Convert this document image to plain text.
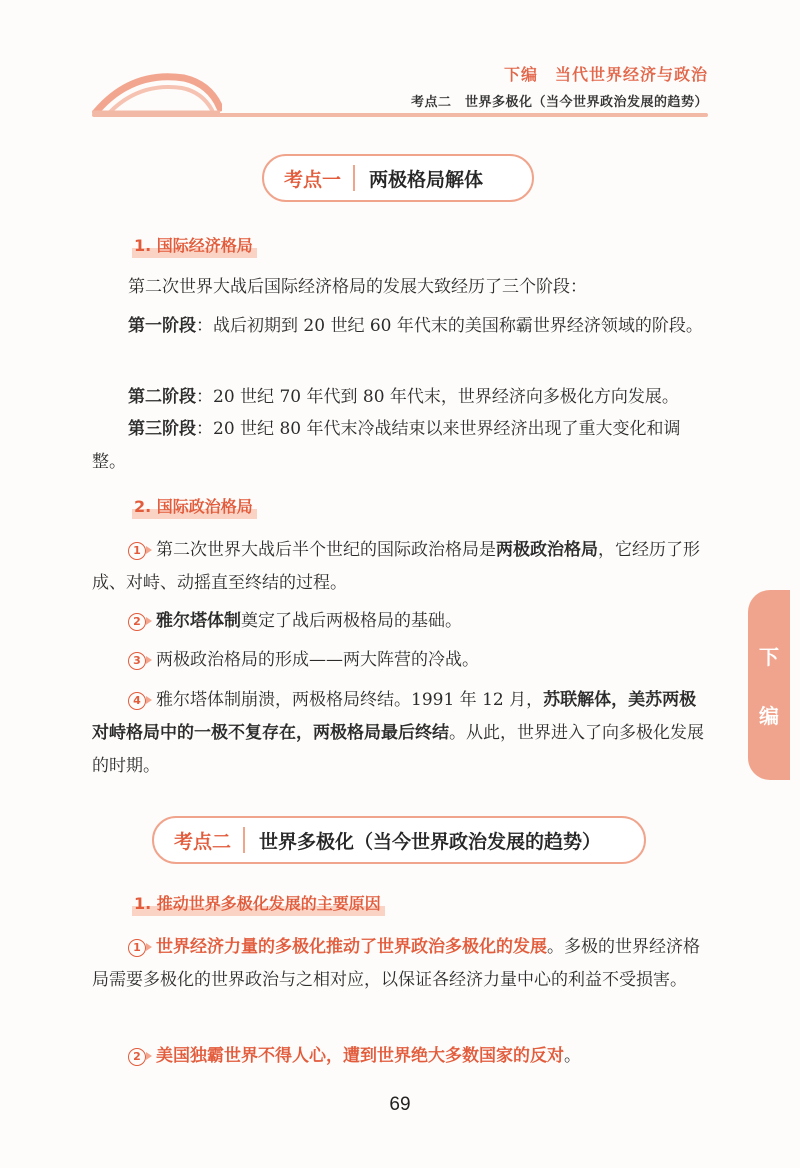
下编　当代世界经济与政治
考点二　世界多极化（当今世界政治发展的趋势）
考点一	两极格局解体
1. 国际经济格局

第二次世界大战后国际经济格局的发展大致经历了三个阶段：

第一阶段：战后初期到 20 世纪 60 年代末的美国称霸世界经济领域的阶段。

第二阶段：20 世纪 70 年代到 80 年代末，世界经济向多极化方向发展。

第三阶段：20 世纪 80 年代末冷战结束以来世界经济出现了重大变化和调整。

2. 国际政治格局

1 第二次世界大战后半个世纪的国际政治格局是两极政治格局，它经历了形成、对峙、动摇直至终结的过程。

2 雅尔塔体制奠定了战后两极格局的基础。

3 两极政治格局的形成——两大阵营的冷战。

4 雅尔塔体制崩溃，两极格局终结。1991 年 12 月，苏联解体，美苏两极对峙格局中的一极不复存在，两极格局最后终结。从此，世界进入了向多极化发展的时期。

考点二	世界多极化（当今世界政治发展的趋势）
1. 推动世界多极化发展的主要原因

1 世界经济力量的多极化推动了世界政治多极化的发展。多极的世界经济格局需要多极化的世界政治与之相对应，以保证各经济力量中心的利益不受损害。

2 美国独霸世界不得人心，遭到世界绝大多数国家的反对。

下
编
69
